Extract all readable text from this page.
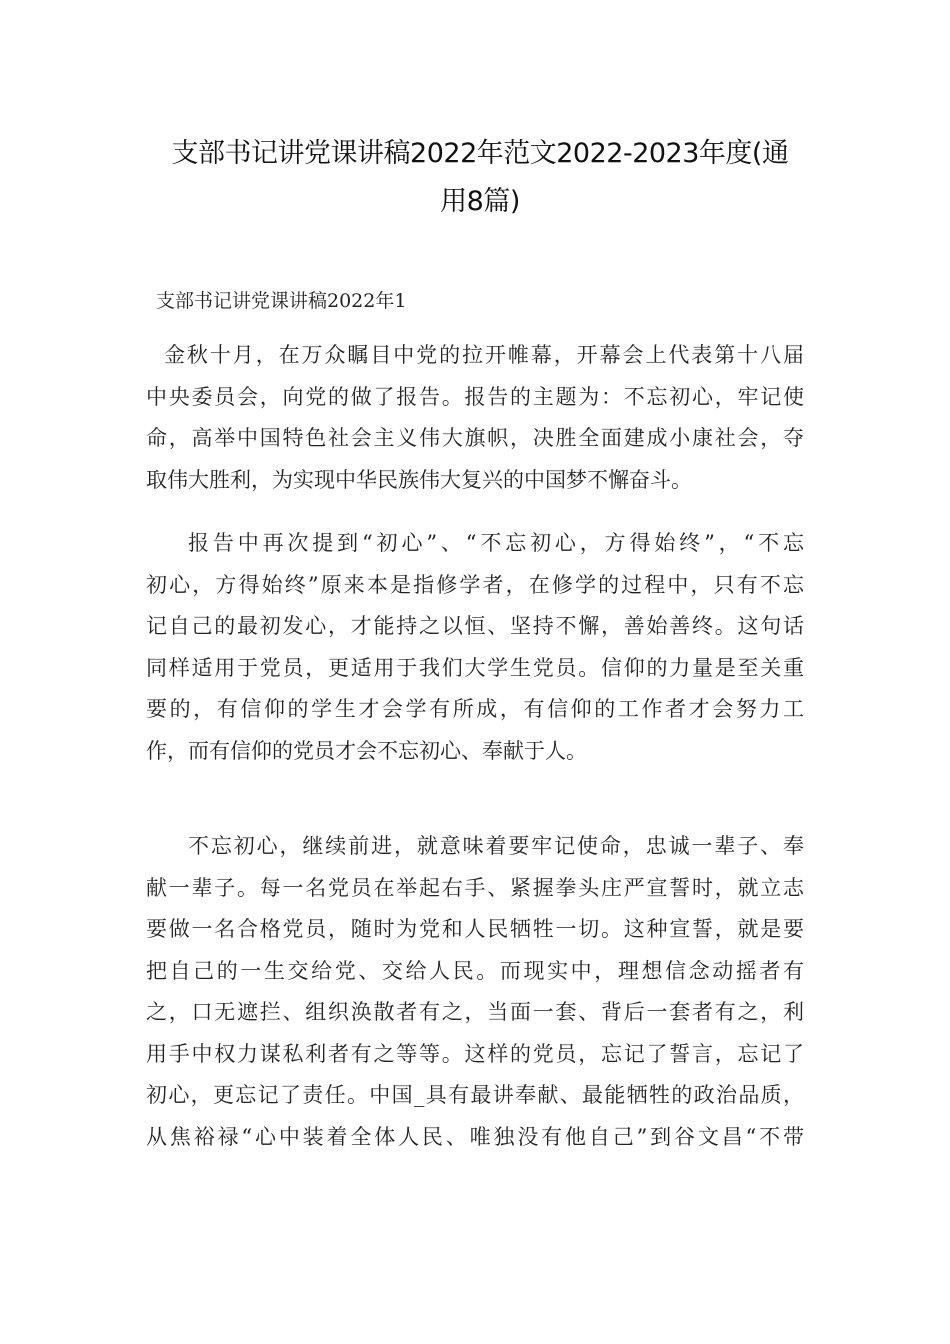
支部书记讲党课讲稿2022年范文2022-2023年度(通
用8篇)
支部书记讲党课讲稿2022年1
金秋十月，在万众瞩目中党的拉开帷幕，开幕会上代表第十八届
中央委员会，向党的做了报告。报告的主题为：不忘初心，牢记使
命，高举中国特色社会主义伟大旗帜，决胜全面建成小康社会，夺
取伟大胜利，为实现中华民族伟大复兴的中国梦不懈奋斗。
报告中再次提到“初心”、“不忘初心，方得始终”，“不忘
初心，方得始终”原来本是指修学者，在修学的过程中，只有不忘
记自己的最初发心，才能持之以恒、坚持不懈，善始善终。这句话
同样适用于党员，更适用于我们大学生党员。信仰的力量是至关重
要的，有信仰的学生才会学有所成，有信仰的工作者才会努力工
作，而有信仰的党员才会不忘初心、奉献于人。
不忘初心，继续前进，就意味着要牢记使命，忠诚一辈子、奉
献一辈子。每一名党员在举起右手、紧握拳头庄严宣誓时，就立志
要做一名合格党员，随时为党和人民牺牲一切。这种宣誓，就是要
把自己的一生交给党、交给人民。而现实中，理想信念动摇者有
之，口无遮拦、组织涣散者有之，当面一套、背后一套者有之，利
用手中权力谋私利者有之等等。这样的党员，忘记了誓言，忘记了
初心，更忘记了责任。中国_具有最讲奉献、最能牺牲的政治品质，
从焦裕禄“心中装着全体人民、唯独没有他自己”到谷文昌“不带
